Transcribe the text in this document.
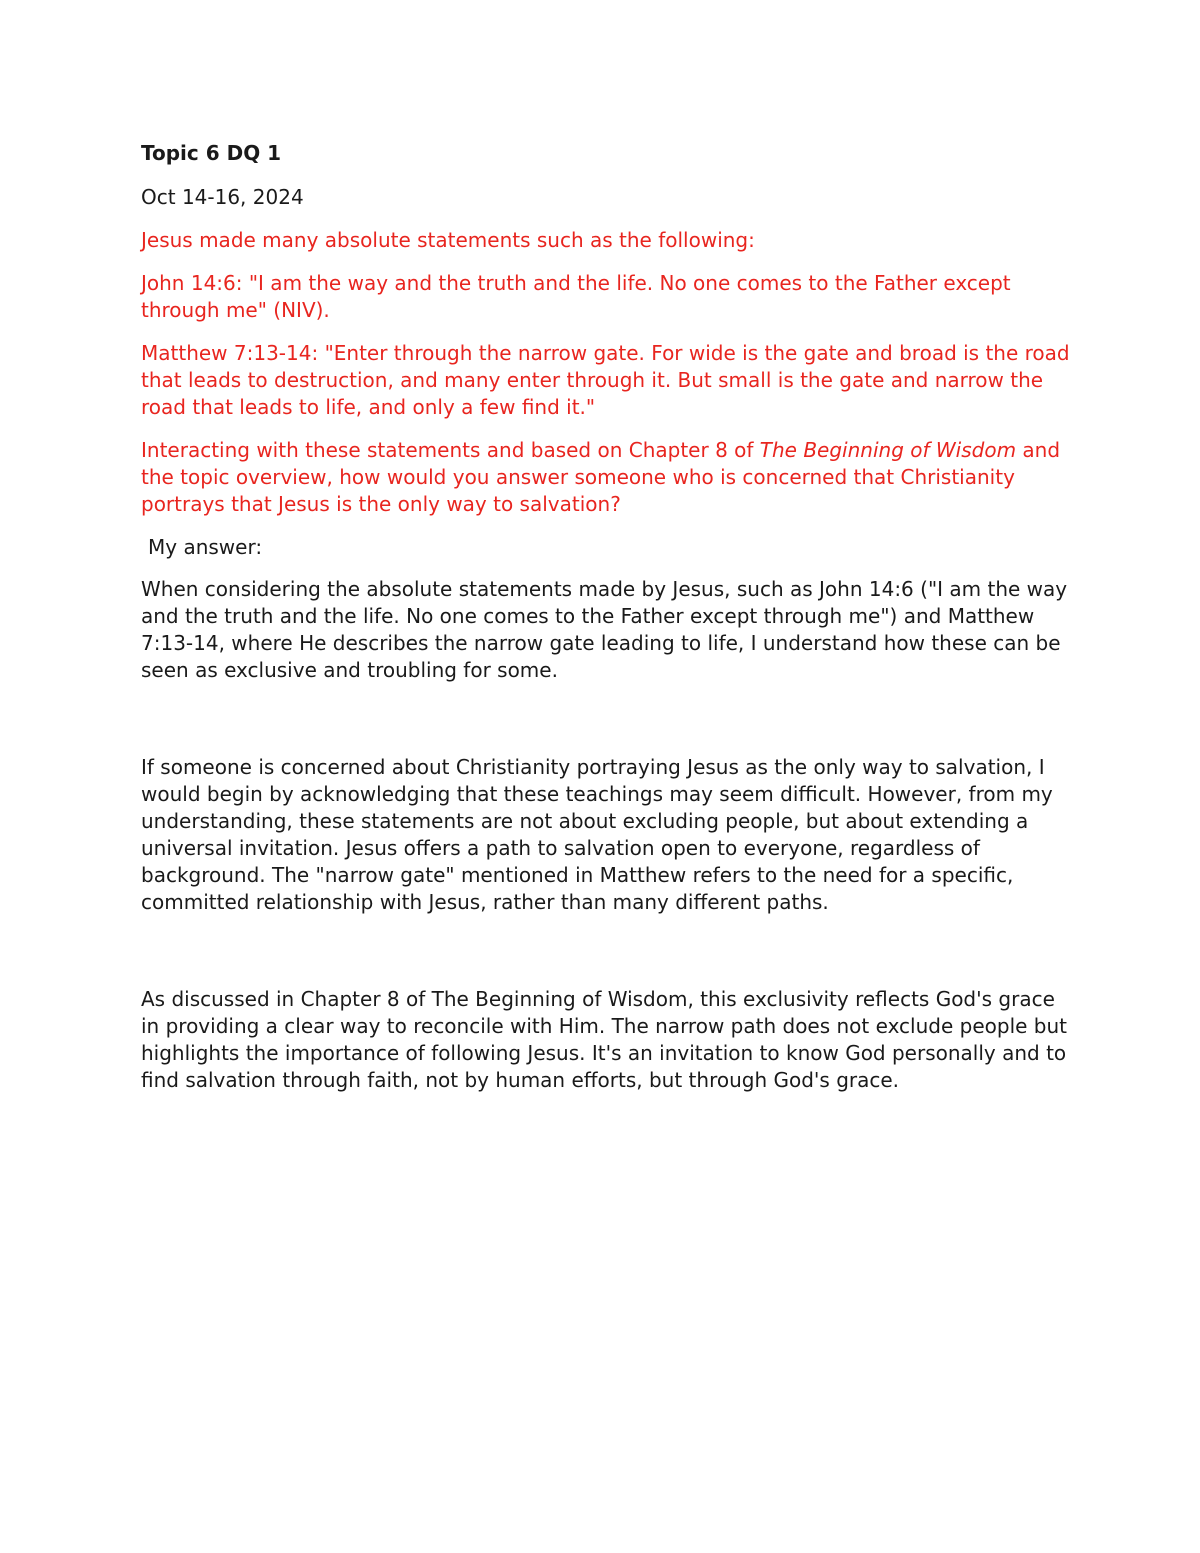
Topic 6 DQ 1

Oct 14-16, 2024

Jesus made many absolute statements such as the following:

John 14:6: "I am the way and the truth and the life. No one comes to the Father except through me" (NIV).

Matthew 7:13-14: "Enter through the narrow gate. For wide is the gate and broad is the road that leads to destruction, and many enter through it. But small is the gate and narrow the road that leads to life, and only a few find it."

Interacting with these statements and based on Chapter 8 of The Beginning of Wisdom and the topic overview, how would you answer someone who is concerned that Christianity portrays that Jesus is the only way to salvation?

My answer:

When considering the absolute statements made by Jesus, such as John 14:6 ("I am the way and the truth and the life. No one comes to the Father except through me") and Matthew 7:13-14, where He describes the narrow gate leading to life, I understand how these can be seen as exclusive and troubling for some.

If someone is concerned about Christianity portraying Jesus as the only way to salvation, I would begin by acknowledging that these teachings may seem difficult. However, from my understanding, these statements are not about excluding people, but about extending a universal invitation. Jesus offers a path to salvation open to everyone, regardless of background. The "narrow gate" mentioned in Matthew refers to the need for a specific, committed relationship with Jesus, rather than many different paths.

As discussed in Chapter 8 of The Beginning of Wisdom, this exclusivity reflects God's grace in providing a clear way to reconcile with Him. The narrow path does not exclude people but highlights the importance of following Jesus. It's an invitation to know God personally and to find salvation through faith, not by human efforts, but through God's grace.
